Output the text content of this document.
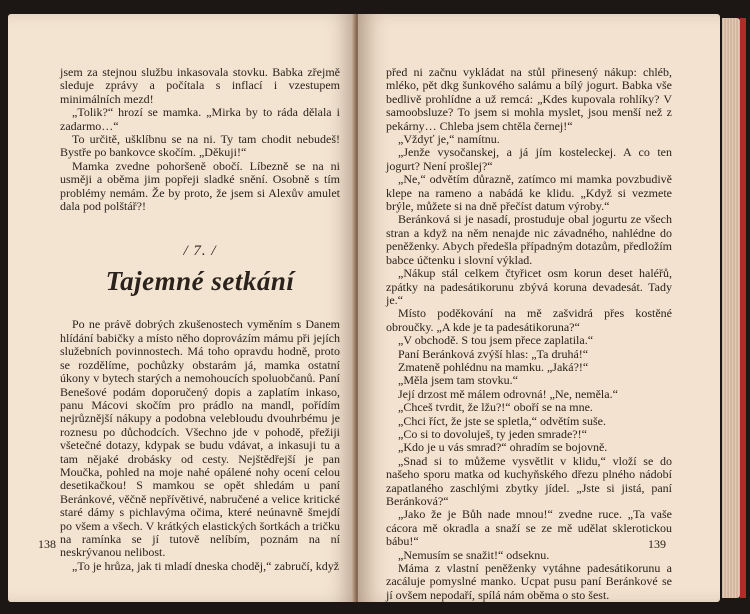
jsem za stejnou službu inkasovala stovku. Babka zřejmě sleduje zprávy a počítala s inflací i vzestupem minimálních mezd!

„Tolik?“ hrozí se mamka. „Mirka by to ráda dělala i zadarmo…“

To určitě, ušklíbnu se na ni. Ty tam chodit nebudeš! Bystře po bankovce skočím. „Děkuji!“

Mamka zvedne pohoršeně obočí. Líbezně se na ni usměji a oběma jim popřeji sladké snění. Osobně s tím problémy nemám. Že by proto, že jsem si Alexův amulet dala pod polštář?!

/ 7. /
Tajemné setkání

Po ne právě dobrých zkušenostech vyměním s Danem hlídání babičky a místo něho doprovázím mámu při jejích služebních povinnostech. Má toho opravdu hodně, proto se rozdělíme, pochůzky obstarám já, mamka ostatní úkony v bytech starých a nemohoucích spoluobčanů. Paní Benešové podám doporučený dopis a zaplatím inkaso, panu Mácovi skočím pro prádlo na mandl, pořídím nejrůznější nákupy a podobna velebloudu dvouhrbému je roznesu po důchodcích. Všechno jde v pohodě, přežiji všetečné dotazy, kdypak se budu vdávat, a inkasuji tu a tam nějaké drobásky od cesty. Nejštědřejší je pan Moučka, pohled na moje nahé opálené nohy ocení celou desetikačkou! S mamkou se opět shledám u paní Beránkové, věčně nepřívětivé, nabručené a velice kritické staré dámy s pichlavýma očima, které neúnavně šmejdí po všem a všech. V krátkých elastických šortkách a tričku na ramínka se jí tutově nelíbím, poznám na ní neskrývanou nelibost.

„To je hrůza, jak ti mladí dneska choděj,“ zabručí, když

138

před ni začnu vykládat na stůl přinesený nákup: chléb, mléko, pět dkg šunkového salámu a bílý jogurt. Babka vše bedlivě prohlídne a už remcá: „Kdes kupovala rohlíky? V samoobsluze? To jsem si mohla myslet, jsou menší než z pekárny… Chleba jsem chtěla černej!“

„Vždyť je,“ namítnu.

„Jenže vysočanskej, a já jím kosteleckej. A co ten jogurt? Není prošlej?“

„Ne,“ odvětím důrazně, zatímco mi mamka povzbudivě klepe na rameno a nabádá ke klidu. „Když si vezmete brýle, můžete si na dně přečíst datum výroby.“

Beránková si je nasadí, prostuduje obal jogurtu ze všech stran a když na něm nenajde nic závadného, nahlédne do peněženky. Abych předešla případným dotazům, předložím babce účtenku i slovní výklad.

„Nákup stál celkem čtyřicet osm korun deset haléřů, zpátky na padesátikorunu zbývá koruna devadesát. Tady je.“

Místo poděkování na mě zašvidrá přes kostěné obroučky. „A kde je ta padesátikoruna?“

„V obchodě. S tou jsem přece zaplatila.“

Paní Beránková zvýší hlas: „Ta druhá!“

Zmateně pohlédnu na mamku. „Jaká?!“

„Měla jsem tam stovku.“

Její drzost mě málem odrovná! „Ne, neměla.“

„Chceš tvrdit, že lžu?!“ oboří se na mne.

„Chci říct, že jste se spletla,“ odvětím suše.

„Co si to dovoluješ, ty jeden smrade?!“

„Kdo je u vás smrad?“ ohradím se bojovně.

„Snad si to můžeme vysvětlit v klidu,“ vloží se do našeho sporu matka od kuchyňského dřezu plného nádobí zapatlaného zaschlými zbytky jídel. „Jste si jistá, paní Beránková?“

„Jako že je Bůh nade mnou!“ zvedne ruce. „Ta vaše cácora mě okradla a snaží se ze mě udělat sklerotickou bábu!“

„Nemusím se snažit!“ odseknu.

Máma z vlastní peněženky vytáhne padesátikorunu a zacáluje pomyslné manko. Ucpat pusu paní Beránkové se jí ovšem nepodaří, spílá nám oběma o sto šest.

139
